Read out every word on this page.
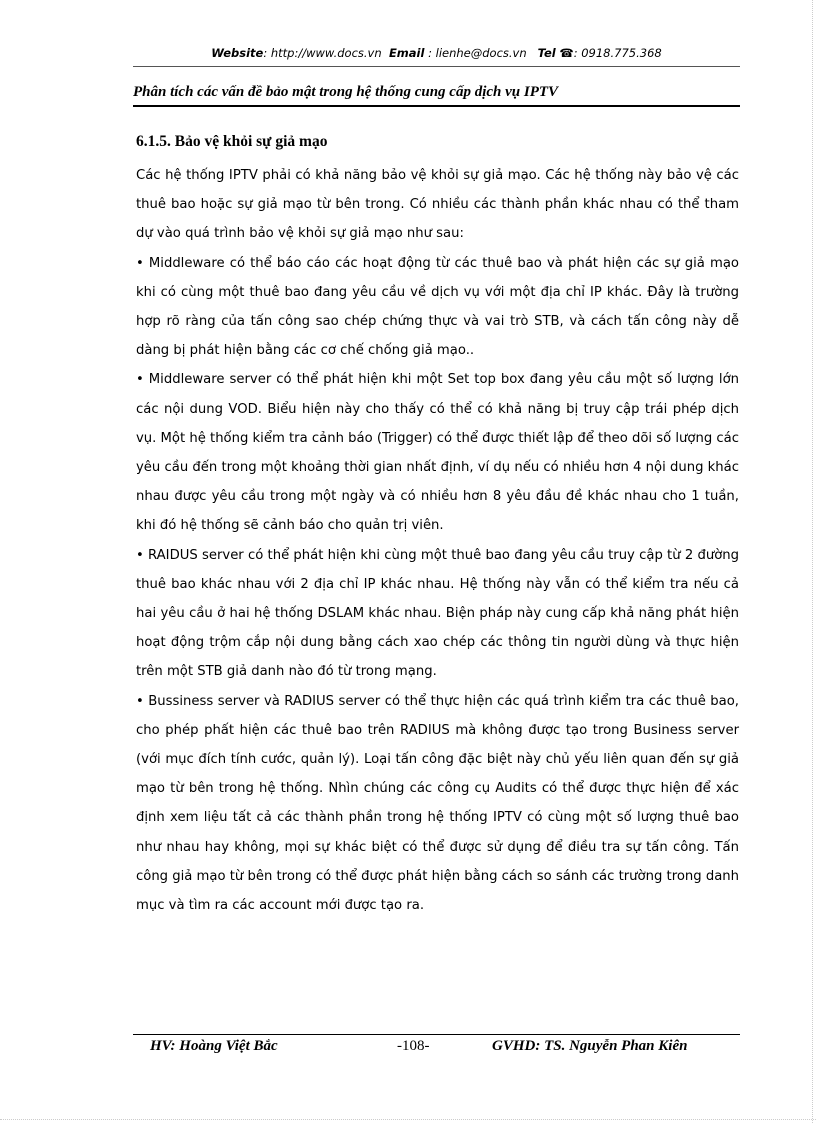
Website: http://www.docs.vn Email : lienhe@docs.vn Tel ☎: 0918.775.368
Phân tích các vấn đề bảo mật trong hệ thống cung cấp dịch vụ IPTV
6.1.5. Bảo vệ khỏi sự giả mạo

Các hệ thống IPTV phải có khả năng bảo vệ khỏi sự giả mạo. Các hệ thống này bảo vệ các thuê bao hoặc sự giả mạo từ bên trong. Có nhiều các thành phần khác nhau có thể tham dự vào quá trình bảo vệ khỏi sự giả mạo như sau:

• Middleware có thể báo cáo các hoạt động từ các thuê bao và phát hiện các sự giả mạo khi có cùng một thuê bao đang yêu cầu về dịch vụ với một địa chỉ IP khác. Đây là trường hợp rõ ràng của tấn công sao chép chứng thực và vai trò STB, và cách tấn công này dễ dàng bị phát hiện bằng các cơ chế chống giả mạo..

• Middleware server có thể phát hiện khi một Set top box đang yêu cầu một số lượng lớn các nội dung VOD. Biểu hiện này cho thấy có thể có khả năng bị truy cập trái phép dịch vụ. Một hệ thống kiểm tra cảnh báo (Trigger) có thể được thiết lập để theo dõi số lượng các yêu cầu đến trong một khoảng thời gian nhất định, ví dụ nếu có nhiều hơn 4 nội dung khác nhau được yêu cầu trong một ngày và có nhiều hơn 8 yêu đầu đề khác nhau cho 1 tuần, khi đó hệ thống sẽ cảnh báo cho quản trị viên.

• RAIDUS server có thể phát hiện khi cùng một thuê bao đang yêu cầu truy cập từ 2 đường thuê bao khác nhau với 2 địa chỉ IP khác nhau. Hệ thống này vẫn có thể kiểm tra nếu cả hai yêu cầu ở hai hệ thống DSLAM khác nhau. Biện pháp này cung cấp khả năng phát hiện hoạt động trộm cắp nội dung bằng cách xao chép các thông tin người dùng và thực hiện trên một STB giả danh nào đó từ trong mạng.

• Bussiness server và RADIUS server có thể thực hiện các quá trình kiểm tra các thuê bao, cho phép phất hiện các thuê bao trên RADIUS mà không được tạo trong Business server (với mục đích tính cước, quản lý). Loại tấn công đặc biệt này chủ yếu liên quan đến sự giả mạo từ bên trong hệ thống. Nhìn chúng các công cụ Audits có thể được thực hiện để xác định xem liệu tất cả các thành phần trong hệ thống IPTV có cùng một số lượng thuê bao như nhau hay không, mọi sự khác biệt có thể được sử dụng để điều tra sự tấn công. Tấn công giả mạo từ bên trong có thể được phát hiện bằng cách so sánh các trường trong danh mục và tìm ra các account mới được tạo ra.

HV: Hoàng Việt Bắc	-108-	GVHD: TS. Nguyễn Phan Kiên
